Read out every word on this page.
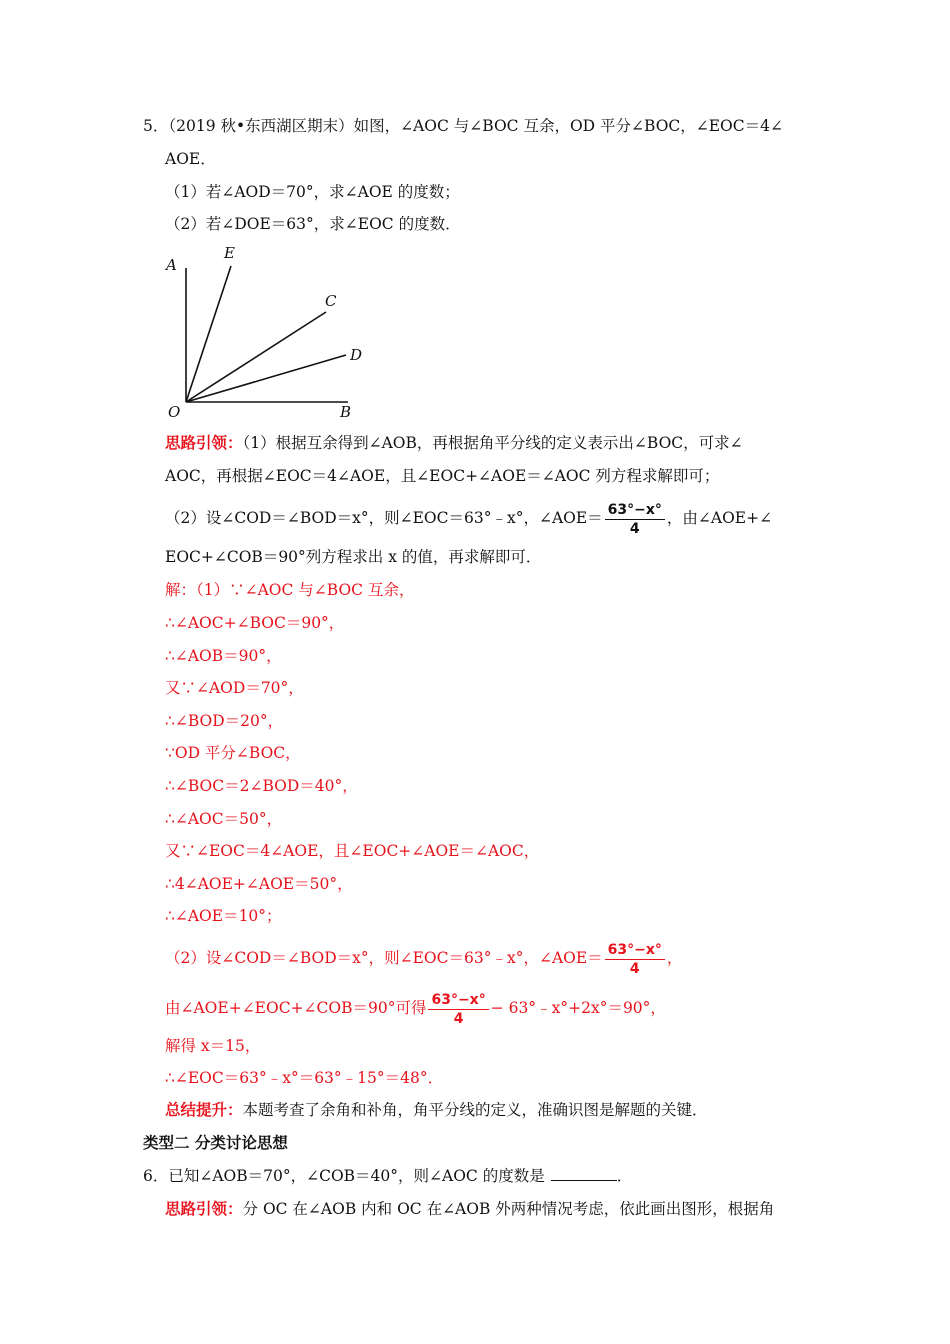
5．（2019 秋•东西湖区期末）如图，∠AOC 与∠BOC 互余，OD 平分∠BOC，∠EOC＝4∠
AOE．
（1）若∠AOD＝70°，求∠AOE 的度数；
（2）若∠DOE＝63°，求∠EOC 的度数．
A
E
C
D
O	B
思路引领：（1）根据互余得到∠AOB，再根据角平分线的定义表示出∠BOC，可求∠
AOC，再根据∠EOC＝4∠AOE，且∠EOC+∠AOE＝∠AOC 列方程求解即可；
（2）设∠COD＝∠BOD＝x°，则∠EOC＝63°﹣x°，∠AOE＝ $\frac{63^\circ-x^\circ}{4}$ ，由∠AOE+∠
EOC+∠COB＝90°列方程求出 x 的值，再求解即可．
解：（1）∵∠AOC 与∠BOC 互余，
∴∠AOC+∠BOC＝90°，
∴∠AOB＝90°，
又∵∠AOD＝70°，
∴∠BOD＝20°，
∵OD 平分∠BOC，
∴∠BOC＝2∠BOD＝40°，
∴∠AOC＝50°，
又∵∠EOC＝4∠AOE，且∠EOC+∠AOE＝∠AOC，
∴4∠AOE+∠AOE＝50°，
∴∠AOE＝10°；
（2）设∠COD＝∠BOD＝x°，则∠EOC＝63°﹣x°，∠AOE＝ $\frac{63^\circ-x^\circ}{4}$ ，
由∠AOE+∠EOC+∠COB＝90°可得 $\frac{63^\circ-x^\circ}{4}$ − 63°﹣x°+2x°＝90°，
解得 x＝15，
∴∠EOC＝63°﹣x°＝63°﹣15°＝48°．
总结提升：本题考查了余角和补角，角平分线的定义，准确识图是解题的关键．
类型二 分类讨论思想
6．已知∠AOB＝70°，∠COB＝40°，则∠AOC 的度数是	．
思路引领：分 OC 在∠AOB 内和 OC 在∠AOB 外两种情况考虑，依此画出图形，根据角
